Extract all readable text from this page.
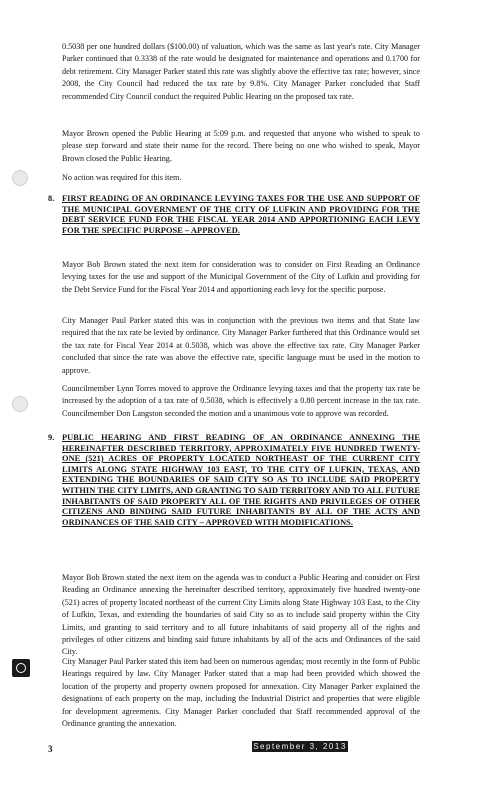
0.5038 per one hundred dollars ($100.00) of valuation, which was the same as last year's rate. City Manager Parker continued that 0.3338 of the rate would be designated for maintenance and operations and 0.1700 for debt retirement. City Manager Parker stated this rate was slightly above the effective tax rate; however, since 2008, the City Council had reduced the tax rate by 9.8%. City Manager Parker concluded that Staff recommended City Council conduct the required Public Hearing on the proposed tax rate.

Mayor Brown opened the Public Hearing at 5:09 p.m. and requested that anyone who wished to speak to please step forward and state their name for the record. There being no one who wished to speak, Mayor Brown closed the Public Hearing.

No action was required for this item.

8. FIRST READING OF AN ORDINANCE LEVYING TAXES FOR THE USE AND SUPPORT OF THE MUNICIPAL GOVERNMENT OF THE CITY OF LUFKIN AND PROVIDING FOR THE DEBT SERVICE FUND FOR THE FISCAL YEAR 2014 AND APPORTIONING EACH LEVY FOR THE SPECIFIC PURPOSE – APPROVED.

Mayor Bob Brown stated the next item for consideration was to consider on First Reading an Ordinance levying taxes for the use and support of the Municipal Government of the City of Lufkin and providing for the Debt Service Fund for the Fiscal Year 2014 and apportioning each levy for the specific purpose.

City Manager Paul Parker stated this was in conjunction with the previous two items and that State law required that the tax rate be levied by ordinance. City Manager Parker furthered that this Ordinance would set the tax rate for Fiscal Year 2014 at 0.5038, which was above the effective tax rate. City Manager Parker concluded that since the rate was above the effective rate, specific language must be used in the motion to approve.

Councilmember Lynn Torres moved to approve the Ordinance levying taxes and that the property tax rate be increased by the adoption of a tax rate of 0.5038, which is effectively a 0.80 percent increase in the tax rate. Councilmember Don Langston seconded the motion and a unanimous vote to approve was recorded.

9. PUBLIC HEARING AND FIRST READING OF AN ORDINANCE ANNEXING THE HEREINAFTER DESCRIBED TERRITORY, APPROXIMATELY FIVE HUNDRED TWENTY-ONE (521) ACRES OF PROPERTY LOCATED NORTHEAST OF THE CURRENT CITY LIMITS ALONG STATE HIGHWAY 103 EAST, TO THE CITY OF LUFKIN, TEXAS, AND EXTENDING THE BOUNDARIES OF SAID CITY SO AS TO INCLUDE SAID PROPERTY WITHIN THE CITY LIMITS, AND GRANTING TO SAID TERRITORY AND TO ALL FUTURE INHABITANTS OF SAID PROPERTY ALL OF THE RIGHTS AND PRIVILEGES OF OTHER CITIZENS AND BINDING SAID FUTURE INHABITANTS BY ALL OF THE ACTS AND ORDINANCES OF THE SAID CITY – APPROVED WITH MODIFICATIONS.

Mayor Bob Brown stated the next item on the agenda was to conduct a Public Hearing and consider on First Reading an Ordinance annexing the hereinafter described territory, approximately five hundred twenty-one (521) acres of property located northeast of the current City Limits along State Highway 103 East, to the City of Lufkin, Texas, and extending the boundaries of said City so as to include said property within the City Limits, and granting to said territory and to all future inhabitants of said property all of the rights and privileges of other citizens and binding said future inhabitants by all of the acts and Ordinances of the said City.

City Manager Paul Parker stated this item had been on numerous agendas; most recently in the form of Public Hearings required by law. City Manager Parker stated that a map had been provided which showed the location of the property and property owners proposed for annexation. City Manager Parker explained the designations of each property on the map, including the Industrial District and properties that were eligible for development agreements. City Manager Parker concluded that Staff recommended approval of the Ordinance granting the annexation.

3	September 3, 2013
